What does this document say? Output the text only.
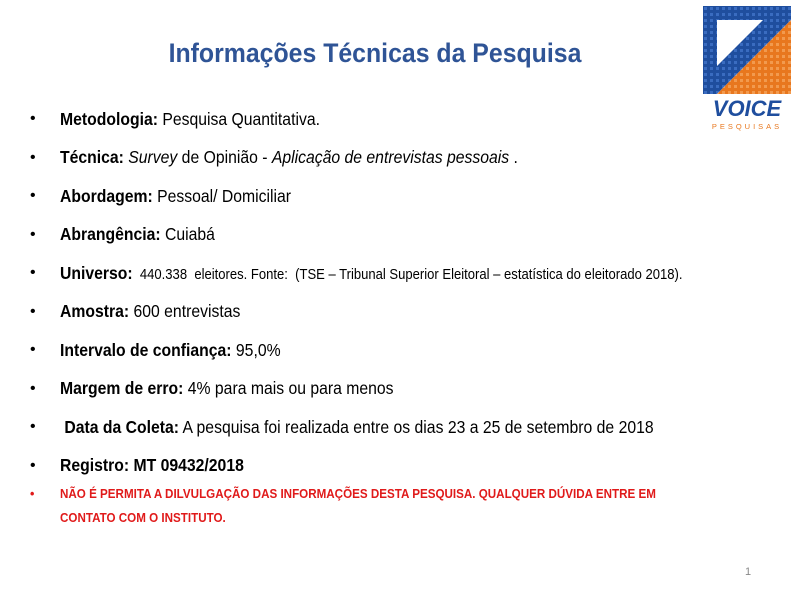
Informações Técnicas da Pesquisa
VOICE
PESQUISAS
• Metodologia: Pesquisa Quantitativa.
• Técnica: Survey de Opinião - Aplicação de entrevistas pessoais .
• Abordagem: Pessoal/ Domiciliar
• Abrangência: Cuiabá
• Universo:  440.338  eleitores. Fonte:  (TSE – Tribunal Superior Eleitoral – estatística do eleitorado 2018).
• Amostra: 600 entrevistas
• Intervalo de confiança: 95,0%
• Margem de erro: 4% para mais ou para menos
• Data da Coleta: A pesquisa foi realizada entre os dias 23 a 25 de setembro de 2018
• Registro: MT 09432/2018
• NÃO É PERMITA A DILVULGAÇÃO DAS INFORMAÇÕES DESTA PESQUISA. QUALQUER DÚVIDA ENTRE EM CONTATO COM O INSTITUTO.
1
